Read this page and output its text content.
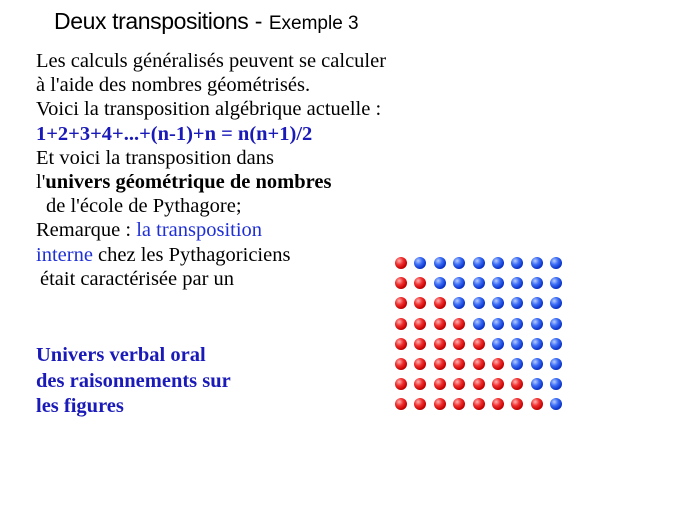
Deux transpositions - Exemple 3
Les calculs généralisés peuvent se calculer
à l'aide des nombres géométrisés.
Voici la transposition algébrique actuelle :
1+2+3+4+...+(n-1)+n = n(n+1)/2
Et voici la transposition dans
l'univers géométrique de nombres
de l'école de Pythagore;
Remarque : la transposition
interne chez les Pythagoriciens
était caractérisée par un
Univers verbal oral
des raisonnements sur
les figures
